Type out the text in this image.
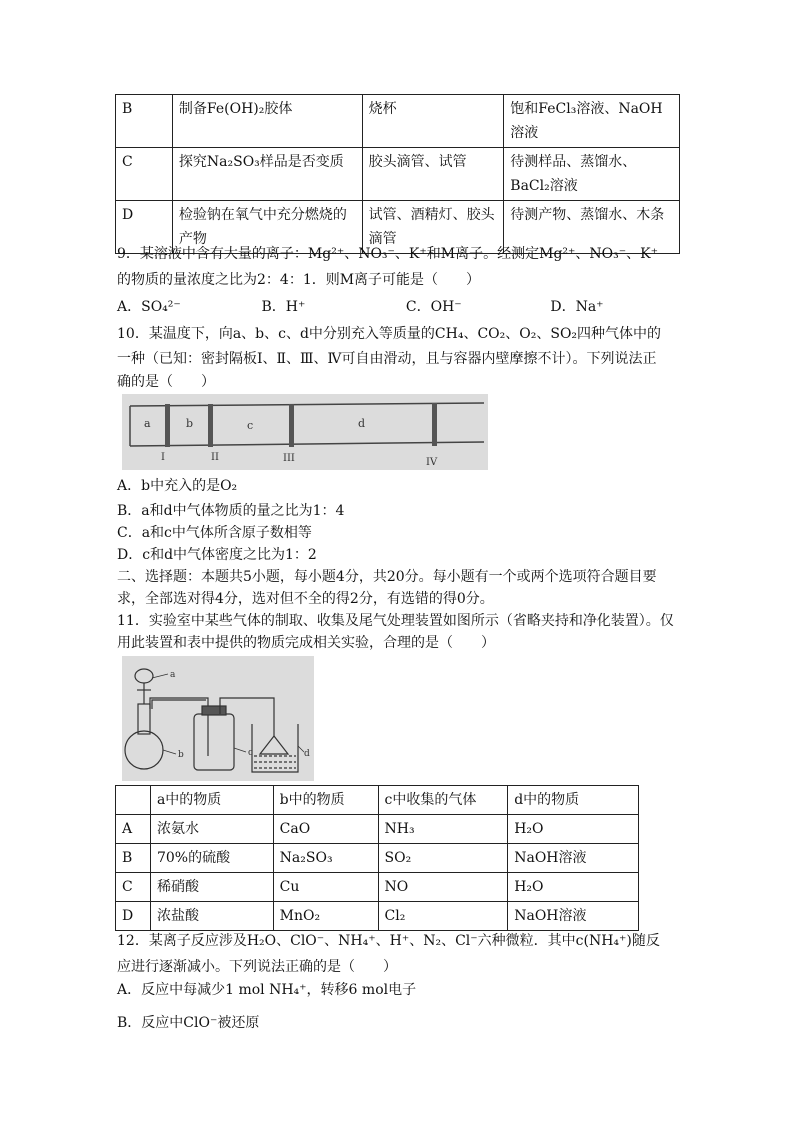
B	制备Fe(OH)₂胶体	烧杯	饱和FeCl₃溶液、NaOH溶液
C	探究Na₂SO₃样品是否变质	胶头滴管、试管	待测样品、蒸馏水、BaCl₂溶液
D	检验钠在氧气中充分燃烧的产物	试管、酒精灯、胶头滴管	待测产物、蒸馏水、木条
9．某溶液中含有大量的离子：Mg²⁺、NO₃⁻、K⁺和M离子。经测定Mg²⁺、NO₃⁻、K⁺
的物质的量浓度之比为2：4：1．则M离子可能是（　　）
A．SO₄²⁻	B．H⁺	C．OH⁻	D．Na⁺
10．某温度下，向a、b、c、d中分别充入等质量的CH₄、CO₂、O₂、SO₂四种气体中的
一种（已知：密封隔板Ⅰ、Ⅱ、Ⅲ、Ⅳ可自由滑动，且与容器内壁摩擦不计）。下列说法正
确的是（　　）
a	b	c	d
I	II	III	IV
A．b中充入的是O₂
B．a和d中气体物质的量之比为1：4
C．a和c中气体所含原子数相等
D．c和d中气体密度之比为1：2
二、选择题：本题共5小题，每小题4分，共20分。每小题有一个或两个选项符合题目要
求，全部选对得4分，选对但不全的得2分，有选错的得0分。
11．实验室中某些气体的制取、收集及尾气处理装置如图所示（省略夹持和净化装置）。仅
用此装置和表中提供的物质完成相关实验，合理的是（　　）
a
b	c	d
	a中的物质	b中的物质	c中收集的气体	d中的物质
A	浓氨水	CaO	NH₃	H₂O
B	70%的硫酸	Na₂SO₃	SO₂	NaOH溶液
C	稀硝酸	Cu	NO	H₂O
D	浓盐酸	MnO₂	Cl₂	NaOH溶液
12．某离子反应涉及H₂O、ClO⁻、NH₄⁺、H⁺、N₂、Cl⁻六种微粒．其中c(NH₄⁺)随反
应进行逐渐减小。下列说法正确的是（　　）
A．反应中每减少1 mol NH₄⁺，转移6 mol电子
B．反应中ClO⁻被还原
